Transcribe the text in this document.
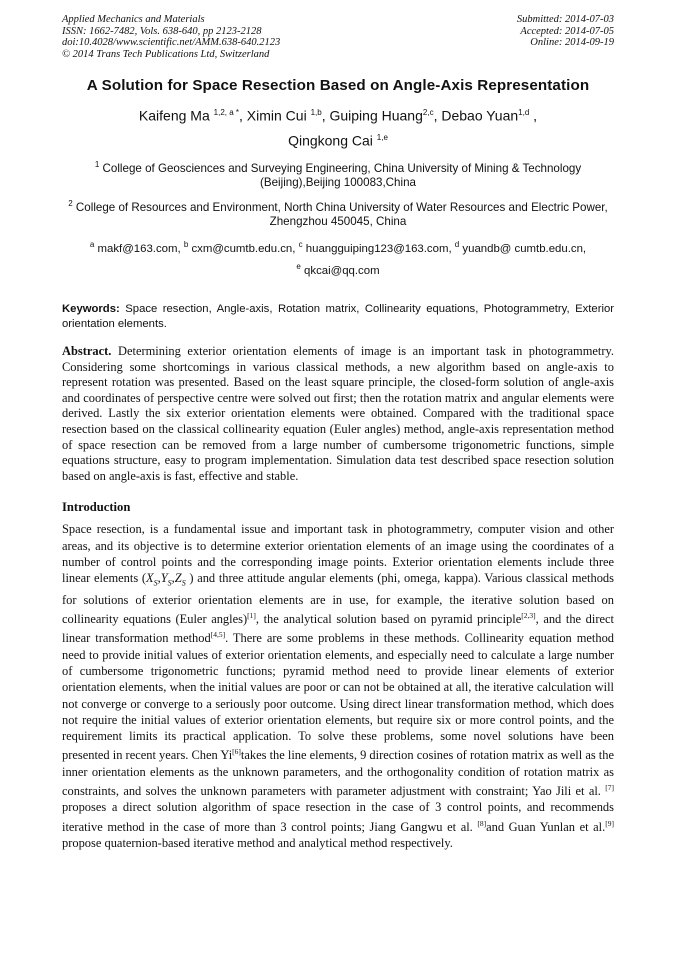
Applied Mechanics and Materials
ISSN: 1662-7482, Vols. 638-640, pp 2123-2128
doi:10.4028/www.scientific.net/AMM.638-640.2123
© 2014 Trans Tech Publications Ltd, Switzerland
Submitted: 2014-07-03
Accepted: 2014-07-05
Online: 2014-09-19
A Solution for Space Resection Based on Angle-Axis Representation
Kaifeng Ma $^{1,2, a *}$, Ximin Cui $^{1,b}$, Guiping Huang$^{2,c}$, Debao Yuan$^{1,d}$ ,
Qingkong Cai $^{1,e}$
$^1$ College of Geosciences and Surveying Engineering, China University of Mining & Technology (Beijing),Beijing 100083,China
$^2$ College of Resources and Environment, North China University of Water Resources and Electric Power, Zhengzhou 450045, China
$^a$ makf@163.com, $^b$ cxm@cumtb.edu.cn, $^c$ huangguiping123@163.com, $^d$ yuandb@ cumtb.edu.cn,
$^e$ qkcai@qq.com
Keywords: Space resection, Angle-axis, Rotation matrix, Collinearity equations, Photogrammetry, Exterior orientation elements.
Abstract. Determining exterior orientation elements of image is an important task in photogrammetry. Considering some shortcomings in various classical methods, a new algorithm based on angle-axis to represent rotation was presented. Based on the least square principle, the closed-form solution of angle-axis and coordinates of perspective centre were solved out first; then the rotation matrix and angular elements were derived. Lastly the six exterior orientation elements were obtained. Compared with the traditional space resection based on the classical collinearity equation (Euler angles) method, angle-axis representation method of space resection can be removed from a large number of cumbersome trigonometric functions, simple equations structure, easy to program implementation. Simulation data test described space resection solution based on angle-axis is fast, effective and stable.
Introduction
Space resection, is a fundamental issue and important task in photogrammetry, computer vision and other areas, and its objective is to determine exterior orientation elements of an image using the coordinates of a number of control points and the corresponding image points. Exterior orientation elements include three linear elements ($X_S,Y_S,Z_S$ ) and three attitude angular elements (phi, omega, kappa). Various classical methods for solutions of exterior orientation elements are in use, for example, the iterative solution based on collinearity equations (Euler angles)[1], the analytical solution based on pyramid principle[2,3], and the direct linear transformation method[4,5]. There are some problems in these methods. Collinearity equation method need to provide initial values of exterior orientation elements, and especially need to calculate a large number of cumbersome trigonometric functions; pyramid method need to provide linear elements of exterior orientation elements, when the initial values are poor or can not be obtained at all, the iterative calculation will not converge or converge to a seriously poor outcome. Using direct linear transformation method, which does not require the initial values of exterior orientation elements, but require six or more control points, and the requirement limits its practical application. To solve these problems, some novel solutions have been presented in recent years. Chen Yi[6]takes the line elements, 9 direction cosines of rotation matrix as well as the inner orientation elements as the unknown parameters, and the orthogonality condition of rotation matrix as constraints, and solves the unknown parameters with parameter adjustment with constraint; Yao Jili et al. [7] proposes a direct solution algorithm of space resection in the case of 3 control points, and recommends iterative method in the case of more than 3 control points; Jiang Gangwu et al. [8]and Guan Yunlan et al.[9] propose quaternion-based iterative method and analytical method respectively.
